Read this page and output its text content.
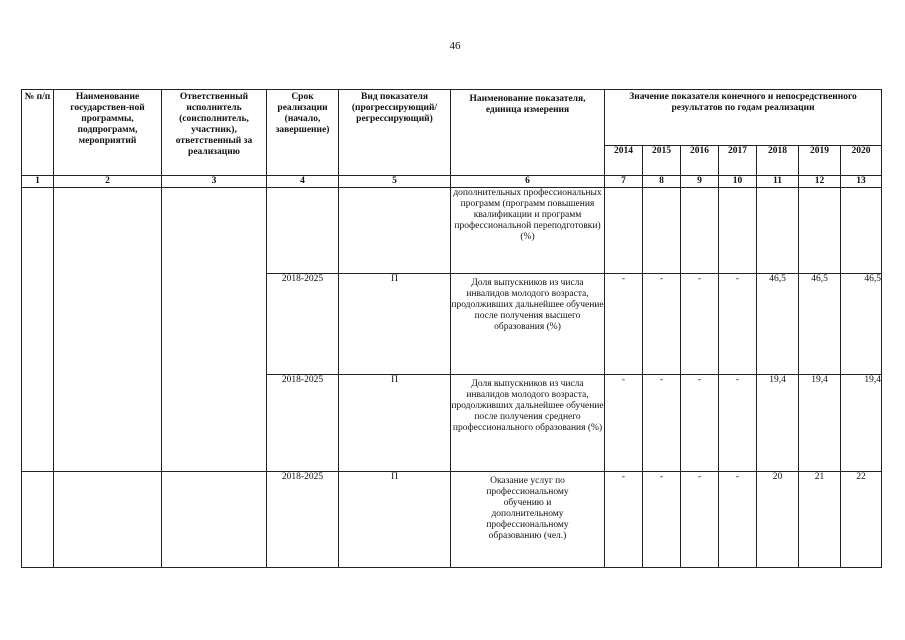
46
№ п/п	Наименование государствен-ной программы, подпрограмм, мероприятий	Ответственный исполнитель (соисполнитель, участник), ответственный за реализацию	Срок реализации (начало, завершение)	Вид показателя (прогрессирующий/ регрессирующий)	Наименование показателя, единица измерения	Значение показателя конечного и непосредственного результатов по годам реализации						
						2014	2015	2016	2017	2018	2019	2020
1	2	3	4	5	6	7	8	9	10	11	12	13
					дополнительных профессиональных программ (программ повышения квалификации и программ профессиональной переподготовки) (%)							
			2018-2025	П	Доля выпускников из числа инвалидов молодого возраста, продолживших дальнейшее обучение после получения высшего образования (%)	-	-	-	-	46,5	46,5	46,5
			2018-2025	П	Доля выпускников из числа инвалидов молодого возраста, продолживших дальнейшее обучение после получения среднего профессионального образования (%)	-	-	-	-	19,4	19,4	19,4
			2018-2025	П	Оказание услуг по профессиональному обучению и дополнительному профессиональному образованию (чел.)	-	-	-	-	20	21	22
